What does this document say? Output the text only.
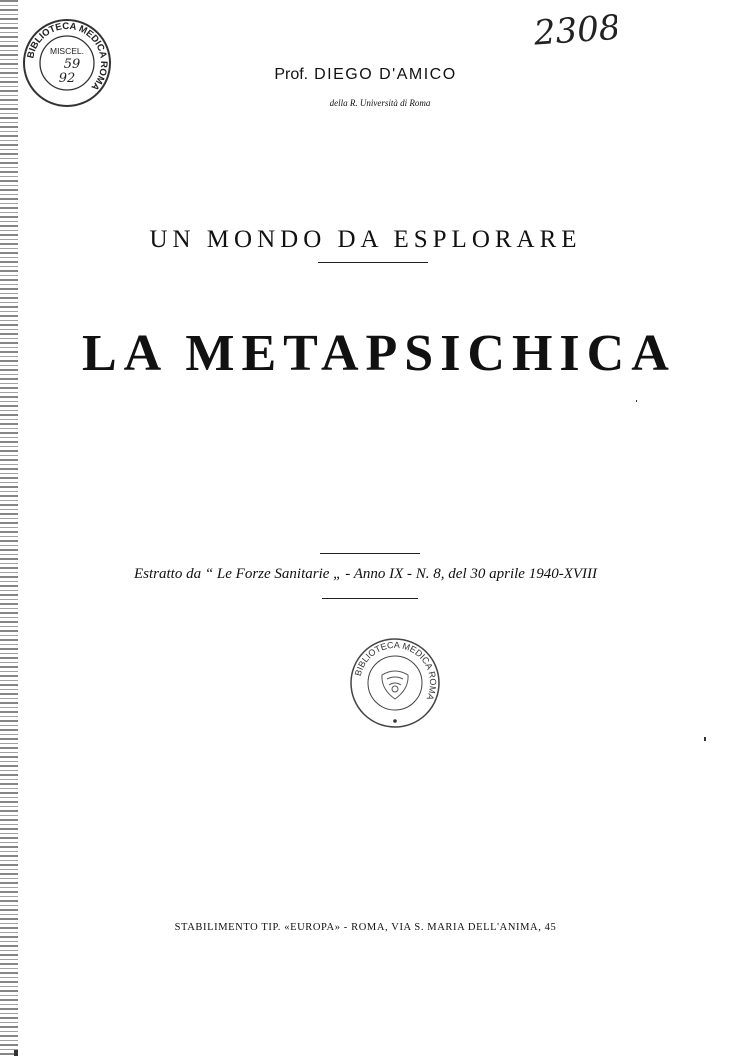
BIBLIOTECA MEDICA ROMA
MISCEL.
59
92
2308
Prof. DIEGO D'AMICO
della R. Università di Roma
UN MONDO DA ESPLORARE
LA METAPSICHICA
Estratto da “ Le Forze Sanitarie „ - Anno IX - N. 8, del 30 aprile 1940-XVIII
BIBLIOTECA MEDICA ROMA
STABILIMENTO TIP. «EUROPA» - ROMA, VIA S. MARIA DELL'ANIMA, 45
